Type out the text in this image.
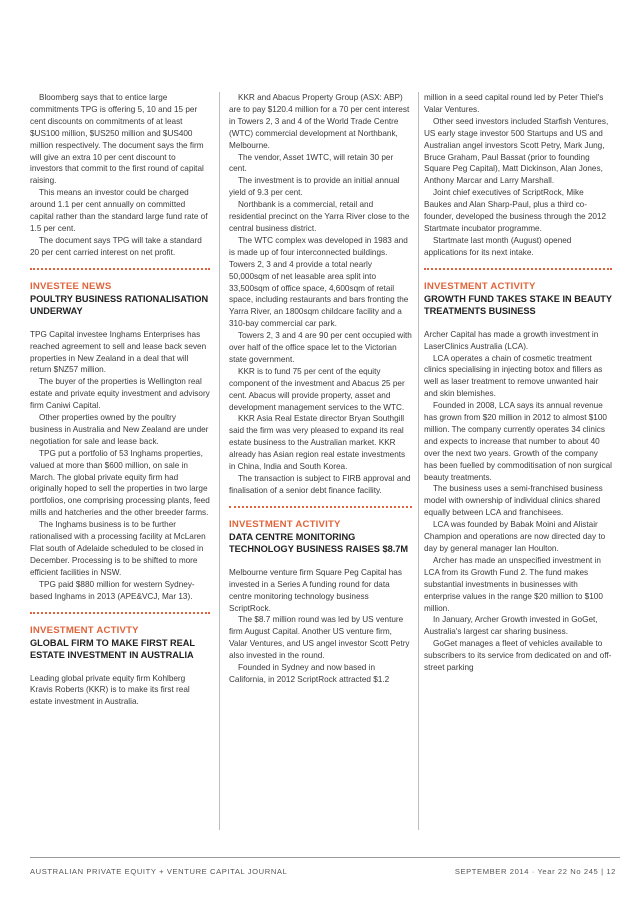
Bloomberg says that to entice large commitments TPG is offering 5, 10 and 15 per cent discounts on commitments of at least $US100 million, $US250 million and $US400 million respectively. The document says the firm will give an extra 10 per cent discount to investors that commit to the first round of capital raising.

This means an investor could be charged around 1.1 per cent annually on committed capital rather than the standard large fund rate of 1.5 per cent.

The document says TPG will take a standard 20 per cent carried interest on net profit.

INVESTEE NEWS
POULTRY BUSINESS RATIONALISATION UNDERWAY

TPG Capital investee Inghams Enterprises has reached agreement to sell and lease back seven properties in New Zealand in a deal that will return $NZ57 million.

The buyer of the properties is Wellington real estate and private equity investment and advisory firm Caniwi Capital.

Other properties owned by the poultry business in Australia and New Zealand are under negotiation for sale and lease back.

TPG put a portfolio of 53 Inghams properties, valued at more than $600 million, on sale in March. The global private equity firm had originally hoped to sell the properties in two large portfolios, one comprising processing plants, feed mills and hatcheries and the other breeder farms.

The Inghams business is to be further rationalised with a processing facility at McLaren Flat south of Adelaide scheduled to be closed in December. Processing is to be shifted to more efficient facilities in NSW.

TPG paid $880 million for western Sydney-based Inghams in 2013 (APE&VCJ, Mar 13).

INVESTMENT ACTIVTY
GLOBAL FIRM TO MAKE FIRST REAL ESTATE INVESTMENT IN AUSTRALIA

Leading global private equity firm Kohlberg Kravis Roberts (KKR) is to make its first real estate investment in Australia.

KKR and Abacus Property Group (ASX: ABP) are to pay $120.4 million for a 70 per cent interest in Towers 2, 3 and 4 of the World Trade Centre (WTC) commercial development at Northbank, Melbourne.

The vendor, Asset 1WTC, will retain 30 per cent.

The investment is to provide an initial annual yield of 9.3 per cent.

Northbank is a commercial, retail and residential precinct on the Yarra River close to the central business district.

The WTC complex was developed in 1983 and is made up of four interconnected buildings. Towers 2, 3 and 4 provide a total nearly 50,000sqm of net leasable area split into 33,500sqm of office space, 4,600sqm of retail space, including restaurants and bars fronting the Yarra River, an 1800sqm childcare facility and a 310-bay commercial car park.

Towers 2, 3 and 4 are 90 per cent occupied with over half of the office space let to the Victorian state government.

KKR is to fund 75 per cent of the equity component of the investment and Abacus 25 per cent. Abacus will provide property, asset and development management services to the WTC.

KKR Asia Real Estate director Bryan Southgill said the firm was very pleased to expand its real estate business to the Australian market. KKR already has Asian region real estate investments in China, India and South Korea.

The transaction is subject to FIRB approval and finalisation of a senior debt finance facility.

INVESTMENT ACTIVITY
DATA CENTRE MONITORING TECHNOLOGY BUSINESS RAISES $8.7M

Melbourne venture firm Square Peg Capital has invested in a Series A funding round for data centre monitoring technology business ScriptRock.

The $8.7 million round was led by US venture firm August Capital. Another US venture firm, Valar Ventures, and US angel investor Scott Petry also invested in the round.

Founded in Sydney and now based in California, in 2012 ScriptRock attracted $1.2

million in a seed capital round led by Peter Thiel's Valar Ventures.

Other seed investors included Starfish Ventures, US early stage investor 500 Startups and US and Australian angel investors Scott Petry, Mark Jung, Bruce Graham, Paul Bassat (prior to founding Square Peg Capital), Matt Dickinson, Alan Jones, Anthony Marcar and Larry Marshall.

Joint chief executives of ScriptRock, Mike Baukes and Alan Sharp-Paul, plus a third co-founder, developed the business through the 2012 Startmate incubator programme.

Startmate last month (August) opened applications for its next intake.

INVESTMENT ACTIVITY
GROWTH FUND TAKES STAKE IN BEAUTY TREATMENTS BUSINESS

Archer Capital has made a growth investment in LaserClinics Australia (LCA).

LCA operates a chain of cosmetic treatment clinics specialising in injecting botox and fillers as well as laser treatment to remove unwanted hair and skin blemishes.

Founded in 2008, LCA says its annual revenue has grown from $20 million in 2012 to almost $100 million. The company currently operates 34 clinics and expects to increase that number to about 40 over the next two years. Growth of the company has been fuelled by commoditisation of non surgical beauty treatments.

The business uses a semi-franchised business model with ownership of individual clinics shared equally between LCA and franchisees.

LCA was founded by Babak Moini and Alistair Champion and operations are now directed day to day by general manager Ian Houlton.

Archer has made an unspecified investment in LCA from its Growth Fund 2. The fund makes substantial investments in businesses with enterprise values in the range $20 million to $100 million.

In January, Archer Growth invested in GoGet, Australia's largest car sharing business.

GoGet manages a fleet of vehicles available to subscribers to its service from dedicated on and off-street parking

AUSTRALIAN PRIVATE EQUITY + VENTURE CAPITAL JOURNAL	SEPTEMBER 2014 · Year 22 No 245 | 12
